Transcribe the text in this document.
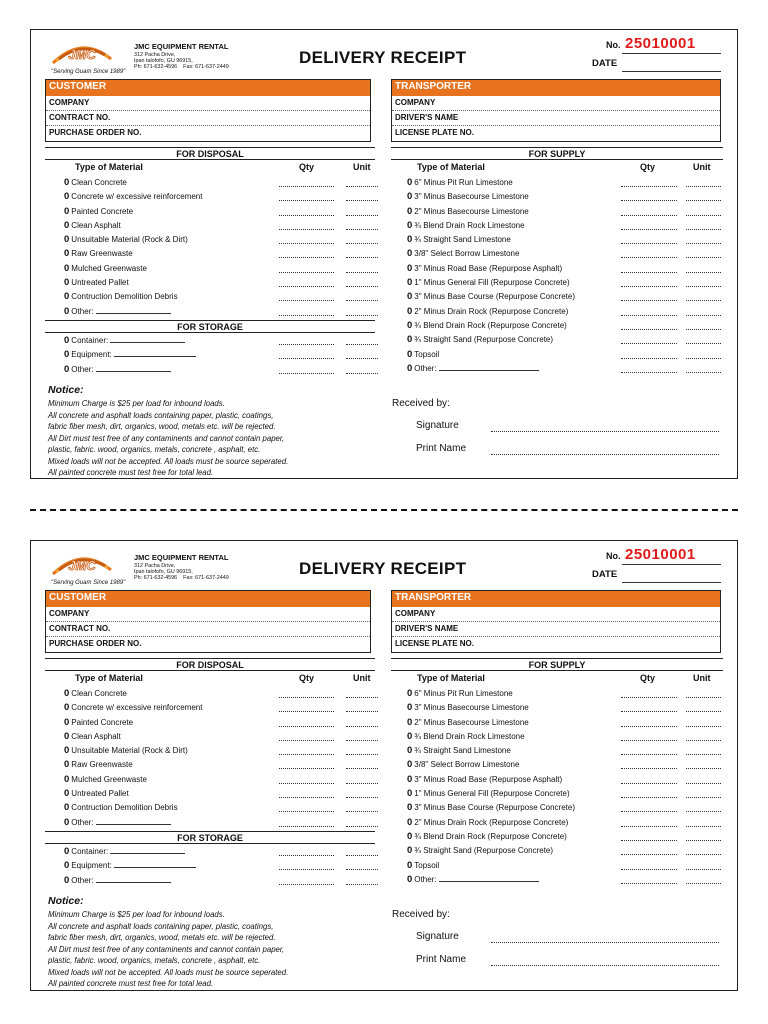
JMC
"Serving Guam Since 1989"
JMC EQUIPMENT RENTAL
312 Pacha Drive,
Ipan talofofo, GU 96915,
Ph: 671-632-4596 Fax: 671-637-2449	DELIVERY RECEIPT
No. 25010001
DATE
CUSTOMER
COMPANY
CONTRACT NO.
PURCHASE ORDER NO.
TRANSPORTER
COMPANY
DRIVER'S NAME
LICENSE PLATE NO.
FOR DISPOSAL
Type of Material	Qty	Unit
0 Clean Concrete
0 Concrete w/ excessive reinforcement
0 Painted Concrete
0 Clean Asphalt
0 Unsuitable Material (Rock & Dirt)
0 Raw Greenwaste
0 Mulched Greenwaste
0 Untreated Pallet
0 Contruction Demolition Debris
0 Other:
FOR STORAGE
0 Container:
0 Equipment:
0 Other:
FOR SUPPLY
Type of Material	Qty	Unit
0 6" Minus Pit Run Limestone
0 3" Minus Basecourse Limestone
0 2" Minus Basecourse Limestone
0 ¾ Blend Drain Rock Limestone
0 ¾ Straight Sand Limestone
0 3/8" Select Borrow Limestone
0 3" Minus Road Base (Repurpose Asphalt)
0 1" Minus General Fill (Repurpose Concrete)
0 3" Minus Base Course (Repurpose Concrete)
0 2" Minus Drain Rock (Repurpose Concrete)
0 ¾ Blend Drain Rock (Repurpose Concrete)
0 ¾ Straight Sand (Repurpose Concrete)
0 Topsoil
0 Other:
Notice:
Minimum Charge is $25 per load for inbound loads.
All concrete and asphalt loads containing paper, plastic, coatings,
fabric fiber mesh, dirt, organics, wood, metals etc. will be rejected.
All Dirt must test free of any contaminents and cannot contain paper,
plastic, fabric. wood, organics, metals, concrete , asphalt, etc.
Mixed loads will not be accepted. All loads must be source seperated.
All painted concrete must test free for total lead.
Received by:
Signature
Print Name
JMC
"Serving Guam Since 1989"
JMC EQUIPMENT RENTAL
312 Pacha Drive,
Ipan talofofo, GU 96915,
Ph: 671-632-4596 Fax: 671-637-2449	DELIVERY RECEIPT
No. 25010001
DATE
CUSTOMER
COMPANY
CONTRACT NO.
PURCHASE ORDER NO.
TRANSPORTER
COMPANY
DRIVER'S NAME
LICENSE PLATE NO.
FOR DISPOSAL
Type of Material	Qty	Unit
0 Clean Concrete
0 Concrete w/ excessive reinforcement
0 Painted Concrete
0 Clean Asphalt
0 Unsuitable Material (Rock & Dirt)
0 Raw Greenwaste
0 Mulched Greenwaste
0 Untreated Pallet
0 Contruction Demolition Debris
0 Other:
FOR STORAGE
0 Container:
0 Equipment:
0 Other:
FOR SUPPLY
Type of Material	Qty	Unit
0 6" Minus Pit Run Limestone
0 3" Minus Basecourse Limestone
0 2" Minus Basecourse Limestone
0 ¾ Blend Drain Rock Limestone
0 ¾ Straight Sand Limestone
0 3/8" Select Borrow Limestone
0 3" Minus Road Base (Repurpose Asphalt)
0 1" Minus General Fill (Repurpose Concrete)
0 3" Minus Base Course (Repurpose Concrete)
0 2" Minus Drain Rock (Repurpose Concrete)
0 ¾ Blend Drain Rock (Repurpose Concrete)
0 ¾ Straight Sand (Repurpose Concrete)
0 Topsoil
0 Other:
Notice:
Minimum Charge is $25 per load for inbound loads.
All concrete and asphalt loads containing paper, plastic, coatings,
fabric fiber mesh, dirt, organics, wood, metals etc. will be rejected.
All Dirt must test free of any contaminents and cannot contain paper,
plastic, fabric. wood, organics, metals, concrete , asphalt, etc.
Mixed loads will not be accepted. All loads must be source seperated.
All painted concrete must test free for total lead.
Received by:
Signature
Print Name
